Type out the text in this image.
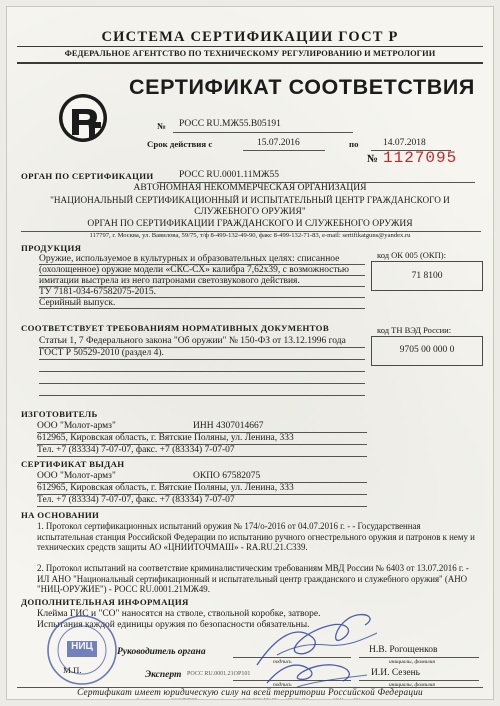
СИСТЕМА СЕРТИФИКАЦИИ ГОСТ Р
ФЕДЕРАЛЬНОЕ АГЕНТСТВО ПО ТЕХНИЧЕСКОМУ РЕГУЛИРОВАНИЮ И МЕТРОЛОГИИ
СЕРТИФИКАТ СООТВЕТСТВИЯ
№ РОСС RU.МЖ55.В05191
Срок действия с	15.07.2016	по	14.07.2018
№ 1127095
ОРГАН ПО СЕРТИФИКАЦИИ	РОСС RU.0001.11МЖ55
АВТОНОМНАЯ НЕКОММЕРЧЕСКАЯ ОРГАНИЗАЦИЯ
"НАЦИОНАЛЬНЫЙ СЕРТИФИКАЦИОННЫЙ И ИСПЫТАТЕЛЬНЫЙ ЦЕНТР ГРАЖДАНСКОГО И
СЛУЖЕБНОГО ОРУЖИЯ"
ОРГАН ПО СЕРТИФИКАЦИИ ГРАЖДАНСКОГО И СЛУЖЕБНОГО ОРУЖИЯ
117797, г. Москва, ул. Вавилова, 59/75, т/ф 8-499-132-49-90, факс 8-499-132-71-83, e-mail: sertifikatguns@yandex.ru
ПРОДУКЦИЯ
Оружие, используемое в культурных и образовательных целях: списанное
(охолощенное) оружие модели «СКС-СХ» калибра 7,62х39, с возможностью
имитации выстрела из него патронами светозвукового действия.
ТУ 7181-034-67582075-2015.
Серийный выпуск.
код ОК 005 (ОКП):
71 8100
СООТВЕТСТВУЕТ ТРЕБОВАНИЯМ НОРМАТИВНЫХ ДОКУМЕНТОВ
Статьи 1, 7 Федерального закона "Об оружии" № 150-ФЗ от 13.12.1996 года
ГОСТ Р 50529-2010 (раздел 4).
код ТН ВЭД России:
9705 00 000 0
ИЗГОТОВИТЕЛЬ
ООО "Молот-армз"	ИНН 4307014667
612965, Кировская область, г. Вятские Поляны, ул. Ленина, 333
Тел. +7 (83334) 7-07-07, факс. +7 (83334) 7-07-07
СЕРТИФИКАТ ВЫДАН
ООО "Молот-армз"	ОКПО 67582075
612965, Кировская область, г. Вятские Поляны, ул. Ленина, 333
Тел. +7 (83334) 7-07-07, факс. +7 (83334) 7-07-07
НА ОСНОВАНИИ
1. Протокол сертификационных испытаний оружия № 174/о-2016 от 04.07.2016 г. - - Государственная испытательная станция Российской Федерации по испытанию ручного огнестрельного оружия и патронов к нему и технических средств защиты АО «ЦНИИТОЧМАШ» - RA.RU.21.С339.
2. Протокол испытаний на соответствие криминалистическим требованиям МВД России № 6403 от 13.07.2016 г. - ИЛ АНО "Национальный сертификационный и испытательный центр гражданского и служебного оружия" (АНО "НИЦ-ОРУЖИЕ") - РОСС RU.0001.21МЖ49.
ДОПОЛНИТЕЛЬНАЯ ИНФОРМАЦИЯ
Клейма ГИС и "СО" наносятся на стволе, ствольной коробке, затворе.
Испытания каждой единицы оружия по безопасности обязательны.
НИЦ
М.П.
Руководитель органа
подпись
Н.В. Рогощенков
инициалы, фамилия
Эксперт РОСС RU.0001.21ОР101
подпись
И.И. Сезень
инициалы, фамилия
Сертификат имеет юридическую силу на всей территории Российской Федерации
Сертификат выпущен ЗАО "ОПЦИОН", www.opcion.ru (лицензия № 05-05-09/003 ФНС РФ), тел. (495) 726-4742, www.opcion.ru "А" Москва, 2014 г.
